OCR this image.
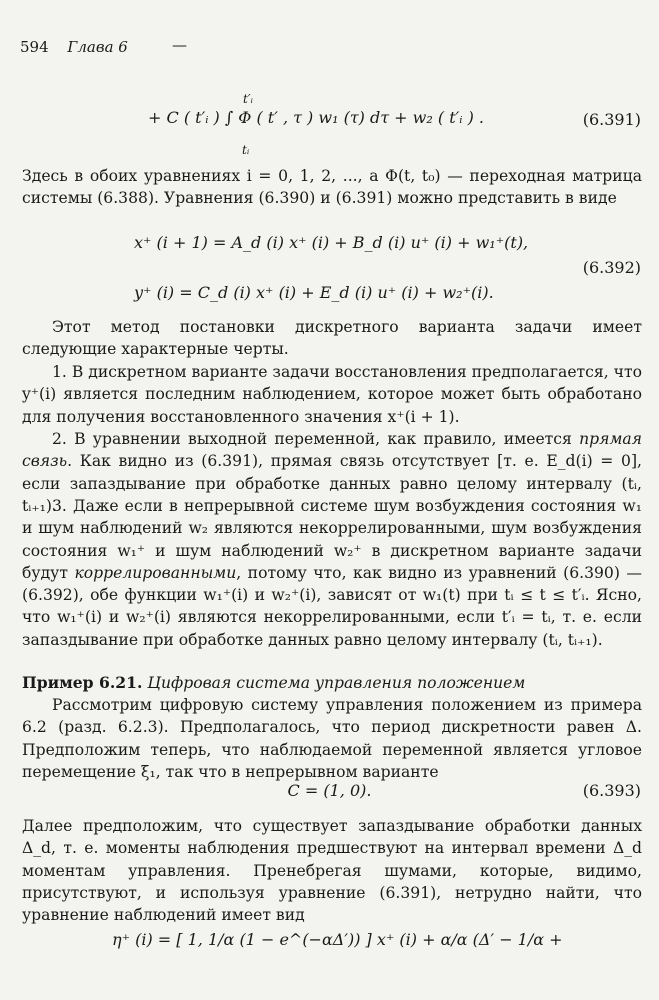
594 Глава 6	—
t′ᵢ
tᵢ
+ C ( t′ᵢ ) ∫ Φ ( t′ , τ ) w₁ (τ) dτ + w₂ ( t′ᵢ ) .	(6.391)
Здесь в обоих уравнениях i = 0, 1, 2, ..., а Φ(t, t₀) — переходная матрица системы (6.388). Уравнения (6.390) и (6.391) можно представить в виде
x⁺ (i + 1) = A_d (i) x⁺ (i) + B_d (i) u⁺ (i) + w₁⁺(t),
y⁺ (i) = C_d (i) x⁺ (i) + E_d (i) u⁺ (i) + w₂⁺(i).
(6.392)
Этот метод постановки дискретного варианта задачи имеет следующие характерные черты.
1. В дискретном варианте задачи восстановления предполагается, что y⁺(i) является последним наблюдением, которое может быть обработано для получения восстановленного значения x⁺(i + 1).
2. В уравнении выходной переменной, как правило, имеется прямая связь. Как видно из (6.391), прямая связь отсутствует [т. е. E_d(i) = 0], если запаздывание при обработке данных равно целому интервалу (tᵢ, tᵢ₊₁).
3. Даже если в непрерывной системе шум возбуждения состояния w₁ и шум наблюдений w₂ являются некоррелированными, шум возбуждения состояния w₁⁺ и шум наблюдений w₂⁺ в дискретном варианте задачи будут коррелированными, потому что, как видно из уравнений (6.390) — (6.392), обе функции w₁⁺(i) и w₂⁺(i), зависят от w₁(t) при tᵢ ≤ t ≤ t′ᵢ. Ясно, что w₁⁺(i) и w₂⁺(i) являются некоррелированными, если t′ᵢ = tᵢ, т. е. если запаздывание при обработке данных равно целому интервалу (tᵢ, tᵢ₊₁).
Пример 6.21. Цифровая система управления положением
Рассмотрим цифровую систему управления положением из примера 6.2 (разд. 6.2.3). Предполагалось, что период дискретности равен Δ. Предположим теперь, что наблюдаемой переменной является угловое перемещение ξ₁, так что в непрерывном варианте
C = (1, 0).	(6.393)
Далее предположим, что существует запаздывание обработки данных Δ_d, т. е. моменты наблюдения предшествуют на интервал времени Δ_d моментам управления. Пренебрегая шумами, которые, видимо, присутствуют, и используя уравнение (6.391), нетрудно найти, что уравнение наблюдений имеет вид
η⁺ (i) = [ 1, 1/α (1 − e^(−αΔ′)) ] x⁺ (i) + α/α (Δ′ − 1/α +
